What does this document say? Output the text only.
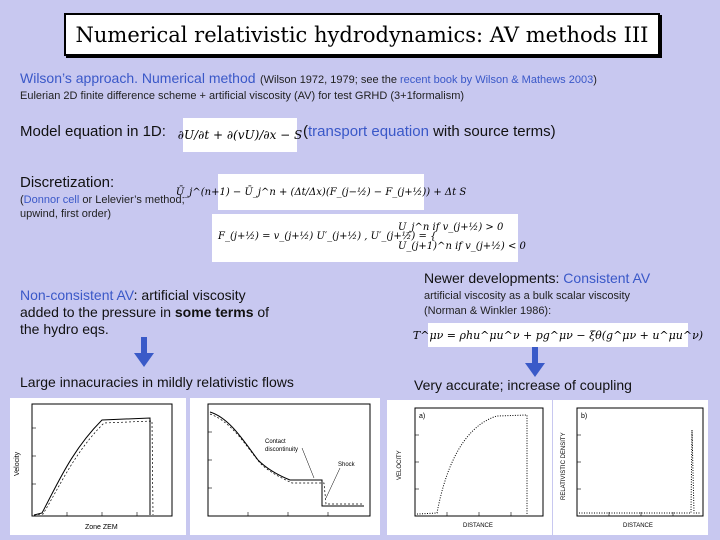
Numerical relativistic hydrodynamics: AV methods III
Wilson’s approach. Numerical method (Wilson 1972, 1979; see the recent book by Wilson & Mathews 2003)
Eulerian 2D finite difference scheme + artificial viscosity (AV) for test GRHD (3+1formalism)
Model equation in 1D: ∂U/∂t + ∂(vU)/∂x − S (transport equation with source terms)
Discretization:
(Donnor cell or Lelevier’s method; upwind, first order)
Ū_j^(n+1) − Ū_j^n + (Δt/Δx)(F_(j−½) − F_(j+½)) + Δt S
F_(j+½) = v_(j+½) U′_(j+½) , U′_(j+½) = {
U_j^n if v_(j+½) > 0
U_(j+1)^n if v_(j+½) < 0
Non-consistent AV: artificial viscosity
added to the pressure in some terms of
the hydro eqs.
Large innacuracies in mildly relativistic flows
Newer developments: Consistent AV
artificial viscosity as a bulk scalar viscosity
(Norman & Winkler 1986):
T^μν = ρhu^μu^ν + pg^μν − ξθ(g^μν + u^μu^ν)
Very accurate; increase of coupling
Zone ZEM
Velocity
Contact
discontinuity
Shock
a)
DISTANCE
VELOCITY
b)
DISTANCE
RELATIVISTIC DENSITY
